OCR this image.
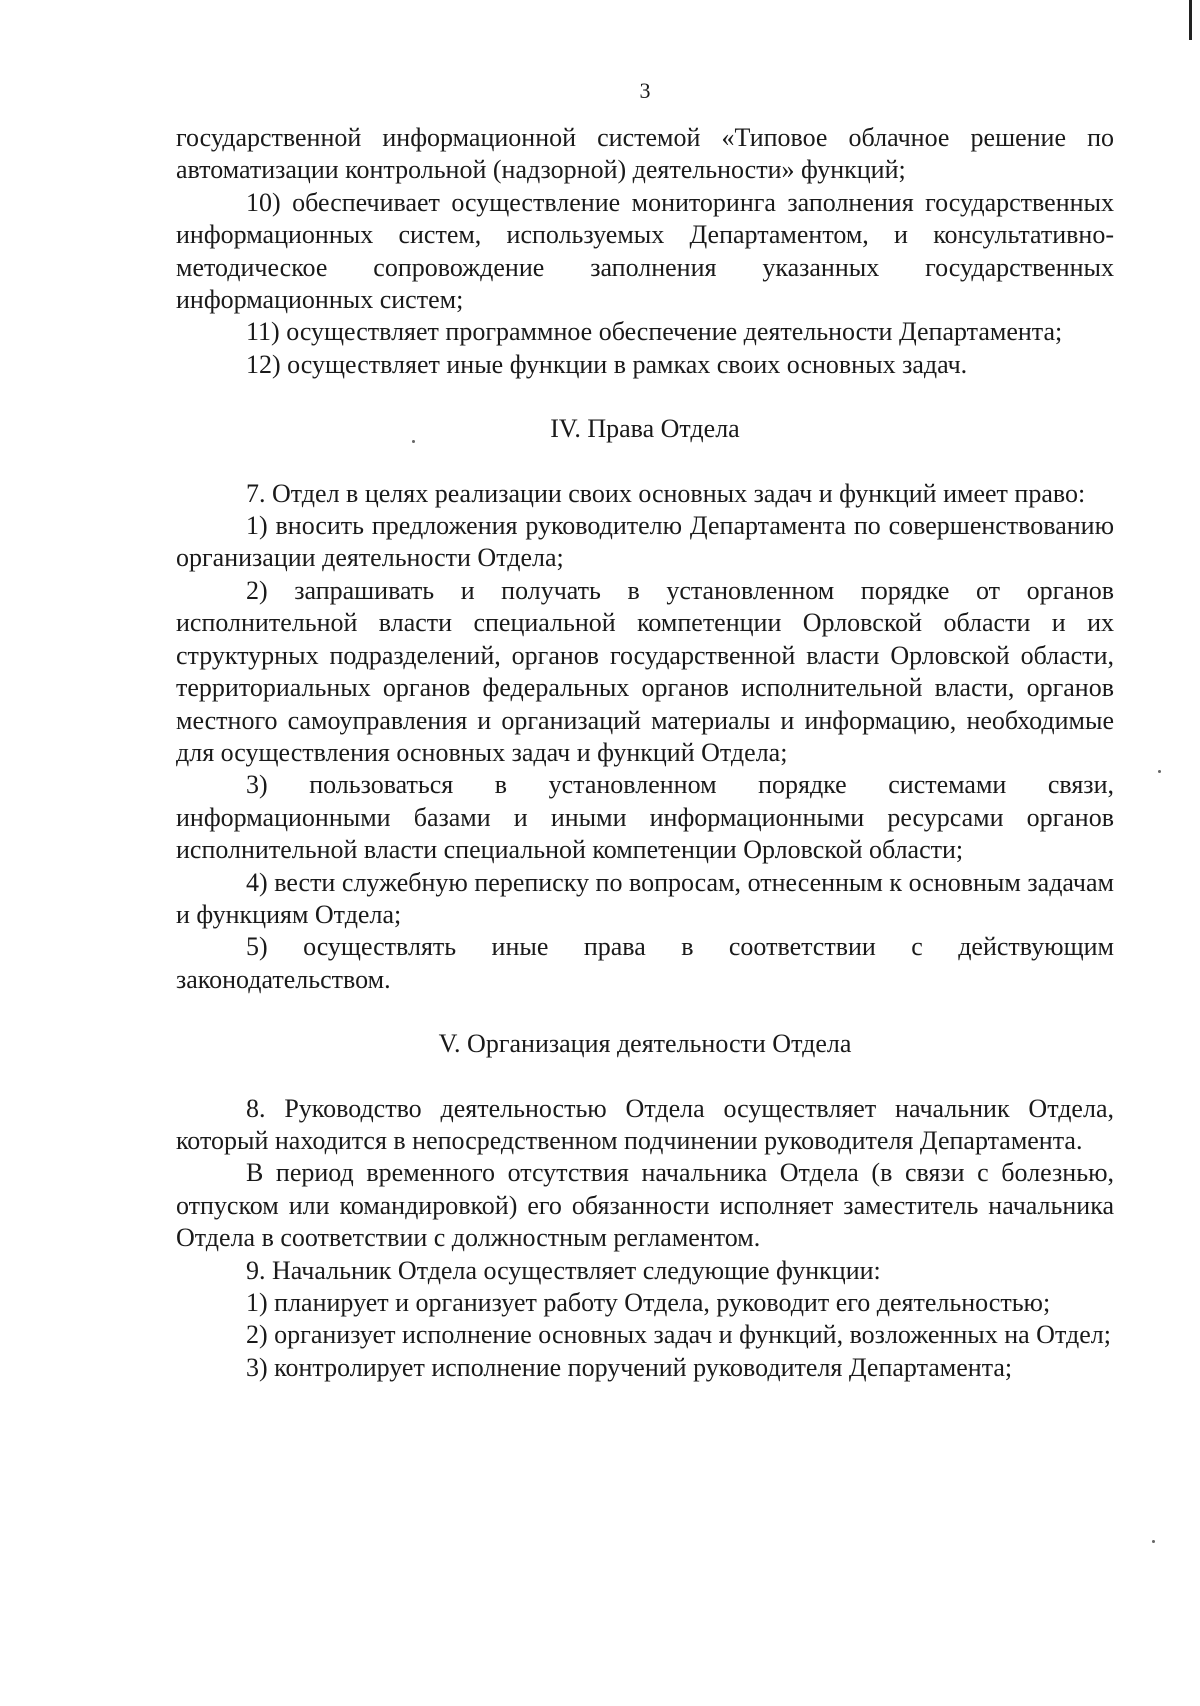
3

государственной информационной системой «Типовое облачное решение по автоматизации контрольной (надзорной) деятельности» функций;

10) обеспечивает осуществление мониторинга заполнения государственных информационных систем, используемых Департаментом, и консультативно-методическое сопровождение заполнения указанных государственных информационных систем;

11) осуществляет программное обеспечение деятельности Департамента;

12) осуществляет иные функции в рамках своих основных задач.

IV. Права Отдела

7. Отдел в целях реализации своих основных задач и функций имеет право:

1) вносить предложения руководителю Департамента по совершенствованию организации деятельности Отдела;

2) запрашивать и получать в установленном порядке от органов исполнительной власти специальной компетенции Орловской области и их структурных подразделений, органов государственной власти Орловской области, территориальных органов федеральных органов исполнительной власти, органов местного самоуправления и организаций материалы и информацию, необходимые для осуществления основных задач и функций Отдела;

3) пользоваться в установленном порядке системами связи, информационными базами и иными информационными ресурсами органов исполнительной власти специальной компетенции Орловской области;

4) вести служебную переписку по вопросам, отнесенным к основным задачам и функциям Отдела;

5) осуществлять иные права в соответствии с действующим законодательством.

V. Организация деятельности Отдела

8. Руководство деятельностью Отдела осуществляет начальник Отдела, который находится в непосредственном подчинении руководителя Департамента.

В период временного отсутствия начальника Отдела (в связи с болезнью, отпуском или командировкой) его обязанности исполняет заместитель начальника Отдела в соответствии с должностным регламентом.

9. Начальник Отдела осуществляет следующие функции:

1) планирует и организует работу Отдела, руководит его деятельностью;

2) организует исполнение основных задач и функций, возложенных на Отдел;

3) контролирует исполнение поручений руководителя Департамента;
